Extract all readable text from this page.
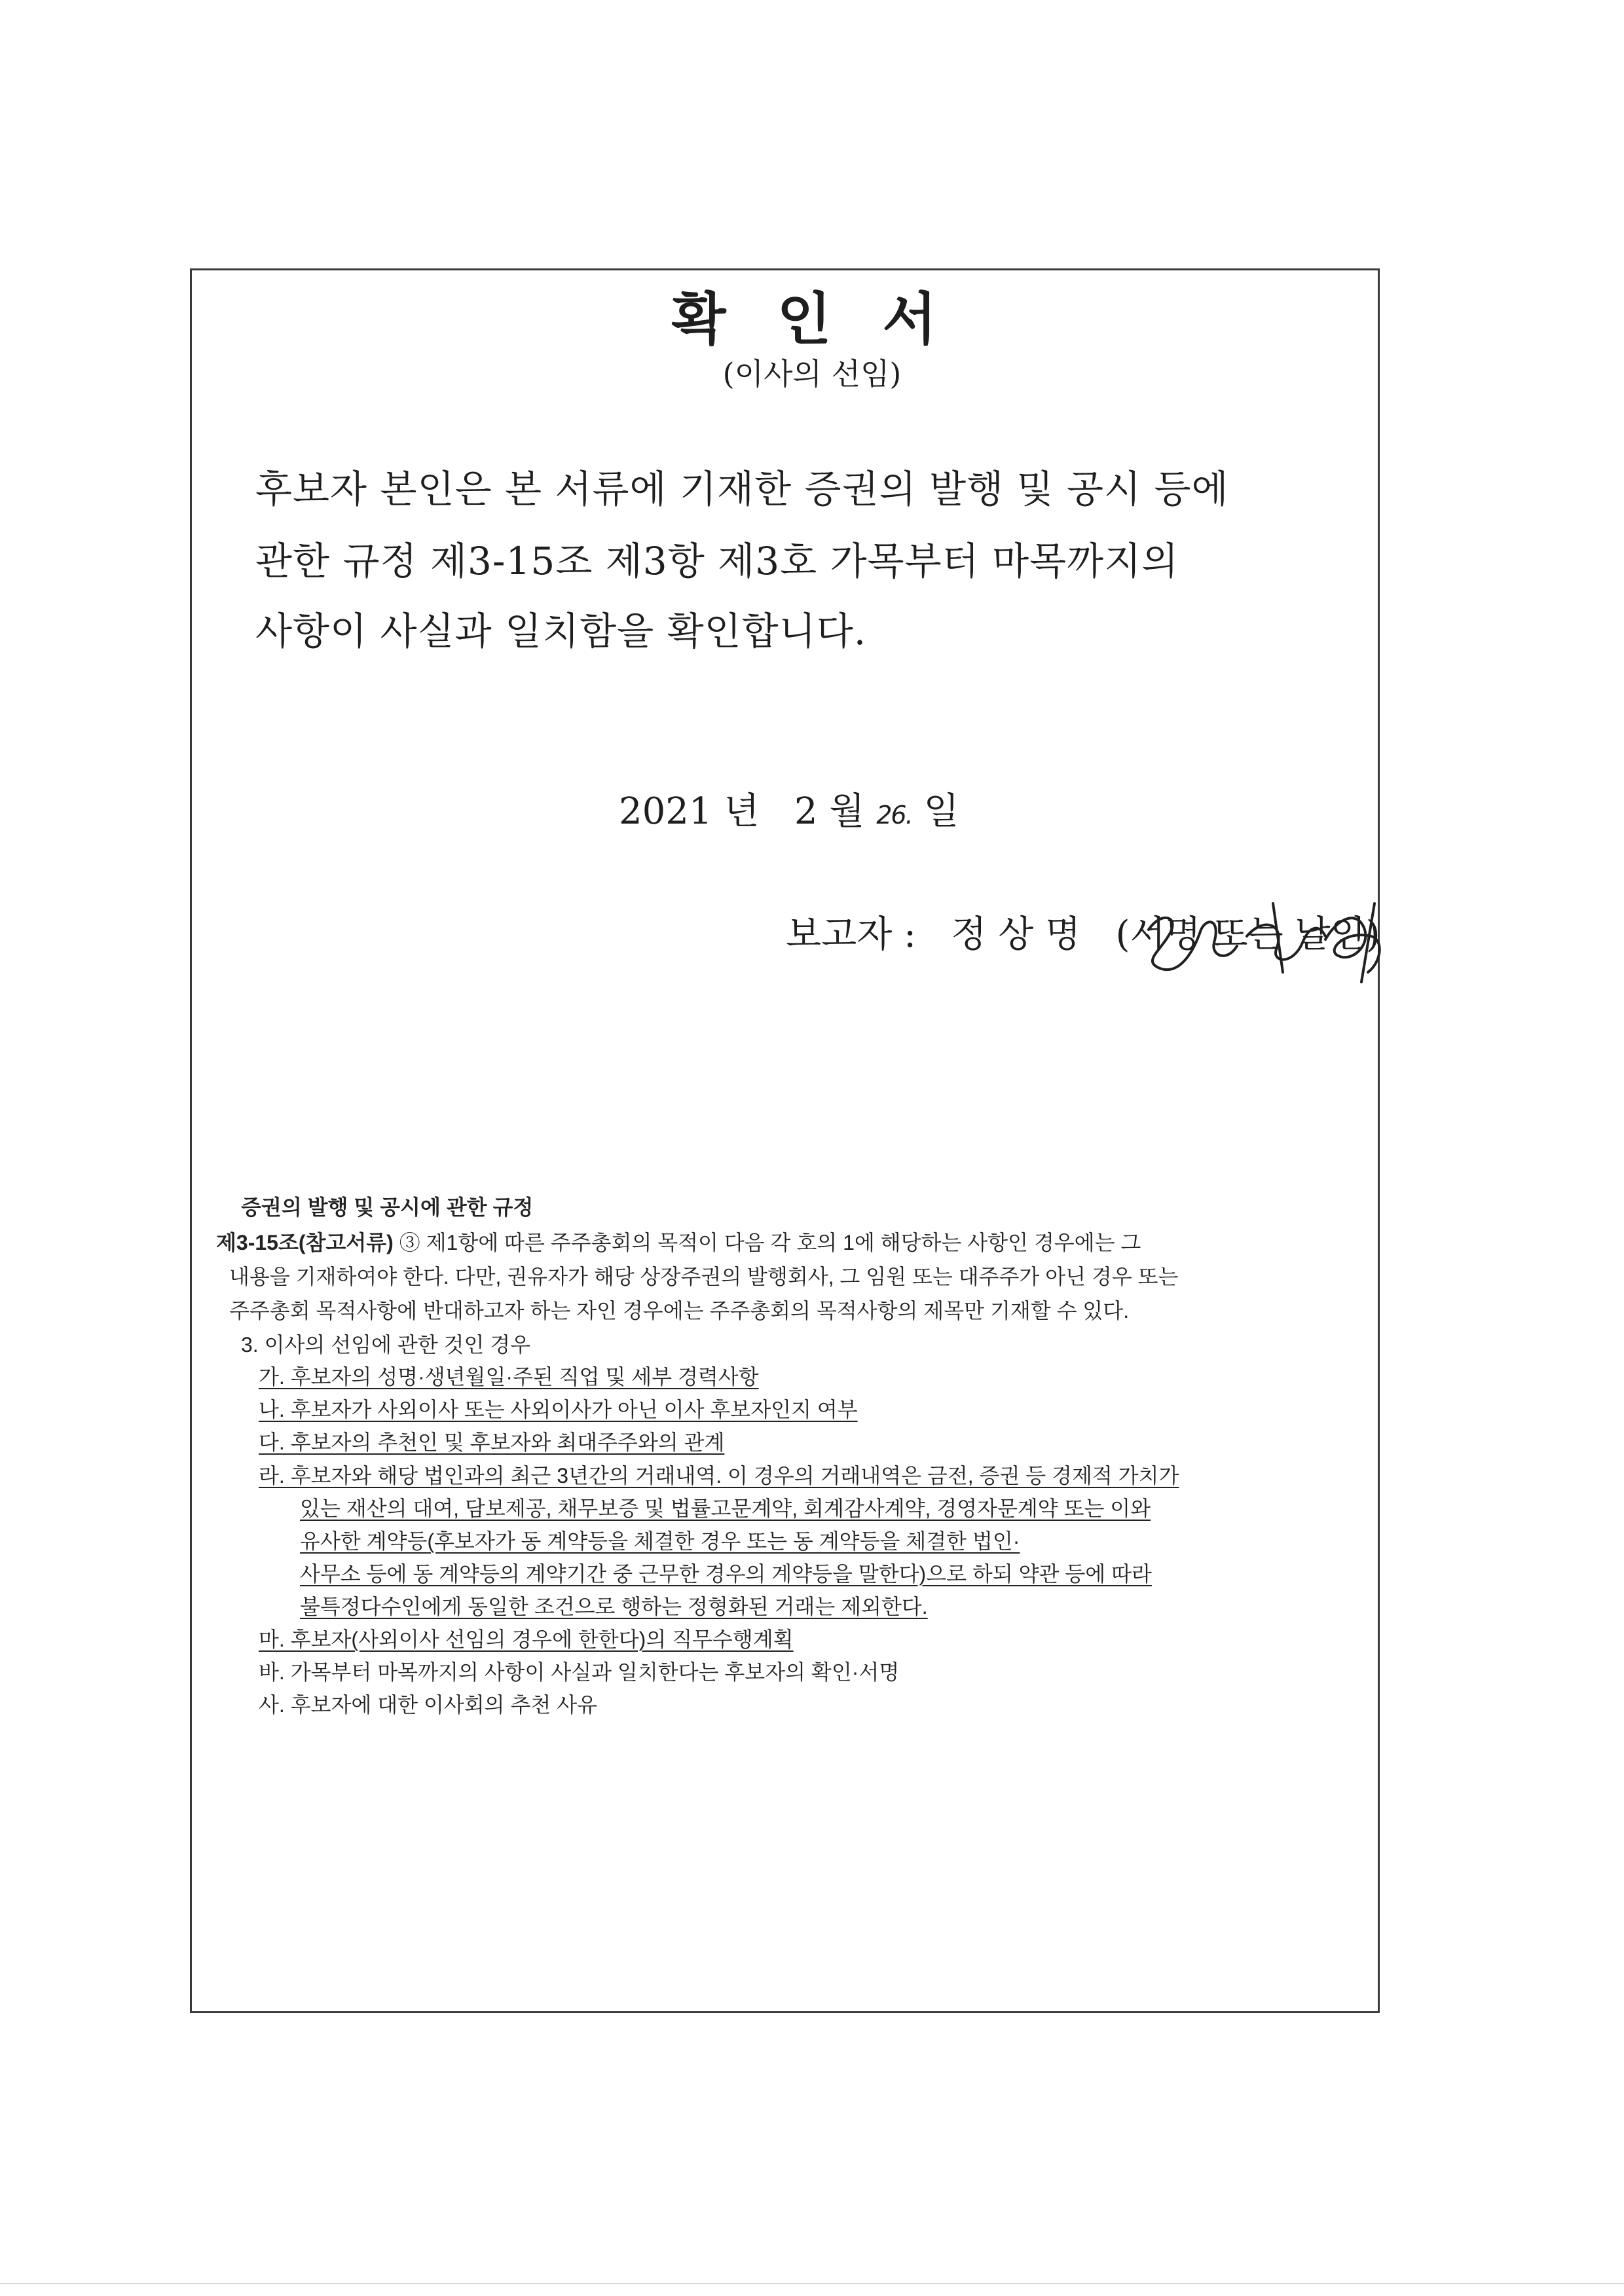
확 인 서
(이사의 선임)
후보자 본인은 본 서류에 기재한 증권의 발행 및 공시 등에
관한 규정 제3-15조 제3항 제3호 가목부터 마목까지의
사항이 사실과 일치함을 확인합니다.
2021 년 2 월 26. 일
보고자 : 정 상 명 (서명 또는 날인)
증권의 발행 및 공시에 관한 규정
제3-15조(참고서류) ③ 제1항에 따른 주주총회의 목적이 다음 각 호의 1에 해당하는 사항인 경우에는 그
내용을 기재하여야 한다. 다만, 권유자가 해당 상장주권의 발행회사, 그 임원 또는 대주주가 아닌 경우 또는
주주총회 목적사항에 반대하고자 하는 자인 경우에는 주주총회의 목적사항의 제목만 기재할 수 있다.
3. 이사의 선임에 관한 것인 경우
가. 후보자의 성명·생년월일·주된 직업 및 세부 경력사항
나. 후보자가 사외이사 또는 사외이사가 아닌 이사 후보자인지 여부
다. 후보자의 추천인 및 후보자와 최대주주와의 관계
라. 후보자와 해당 법인과의 최근 3년간의 거래내역. 이 경우의 거래내역은 금전, 증권 등 경제적 가치가
있는 재산의 대여, 담보제공, 채무보증 및 법률고문계약, 회계감사계약, 경영자문계약 또는 이와
유사한 계약등(후보자가 동 계약등을 체결한 경우 또는 동 계약등을 체결한 법인·
사무소 등에 동 계약등의 계약기간 중 근무한 경우의 계약등을 말한다)으로 하되 약관 등에 따라
불특정다수인에게 동일한 조건으로 행하는 정형화된 거래는 제외한다.
마. 후보자(사외이사 선임의 경우에 한한다)의 직무수행계획
바. 가목부터 마목까지의 사항이 사실과 일치한다는 후보자의 확인·서명
사. 후보자에 대한 이사회의 추천 사유
